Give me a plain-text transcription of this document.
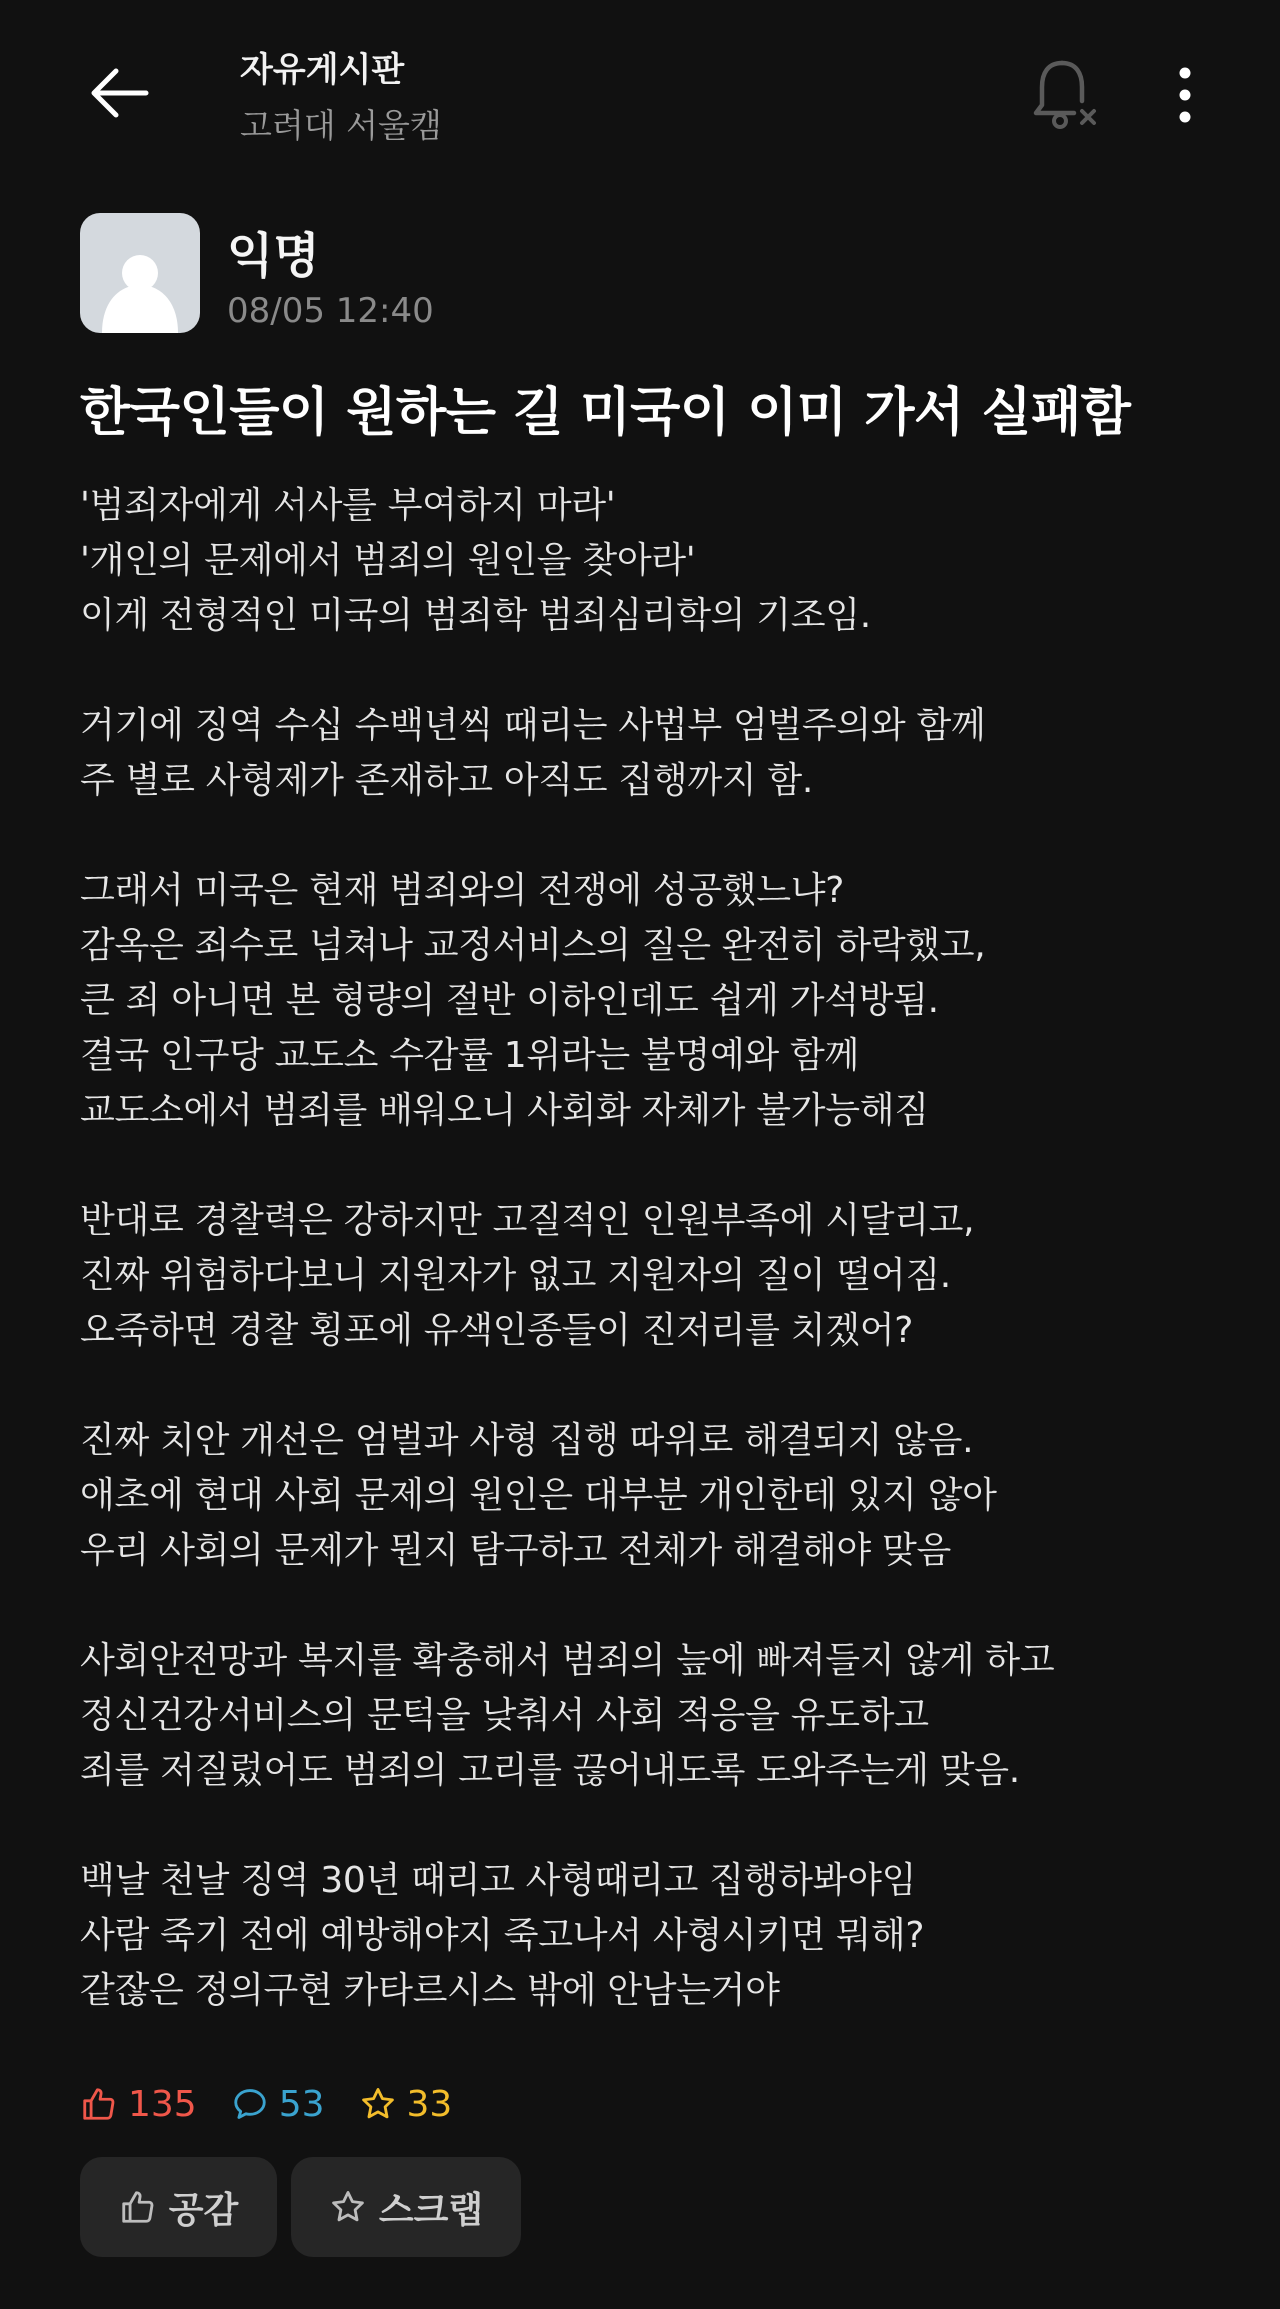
자유게시판
고려대 서울캠
익명
08/05 12:40
한국인들이 원하는 길 미국이 이미 가서 실패함
'범죄자에게 서사를 부여하지 마라'
'개인의 문제에서 범죄의 원인을 찾아라'
이게 전형적인 미국의 범죄학 범죄심리학의 기조임.
거기에 징역 수십 수백년씩 때리는 사법부 엄벌주의와 함께
주 별로 사형제가 존재하고 아직도 집행까지 함.
그래서 미국은 현재 범죄와의 전쟁에 성공했느냐?
감옥은 죄수로 넘쳐나 교정서비스의 질은 완전히 하락했고,
큰 죄 아니면 본 형량의 절반 이하인데도 쉽게 가석방됨.
결국 인구당 교도소 수감률 1위라는 불명예와 함께
교도소에서 범죄를 배워오니 사회화 자체가 불가능해짐
반대로 경찰력은 강하지만 고질적인 인원부족에 시달리고,
진짜 위험하다보니 지원자가 없고 지원자의 질이 떨어짐.
오죽하면 경찰 횡포에 유색인종들이 진저리를 치겠어?
진짜 치안 개선은 엄벌과 사형 집행 따위로 해결되지 않음.
애초에 현대 사회 문제의 원인은 대부분 개인한테 있지 않아
우리 사회의 문제가 뭔지 탐구하고 전체가 해결해야 맞음
사회안전망과 복지를 확충해서 범죄의 늪에 빠져들지 않게 하고
정신건강서비스의 문턱을 낮춰서 사회 적응을 유도하고
죄를 저질렀어도 범죄의 고리를 끊어내도록 도와주는게 맞음.
백날 천날 징역 30년 때리고 사형때리고 집행하봐야임
사람 죽기 전에 예방해야지 죽고나서 사형시키면 뭐해?
같잖은 정의구현 카타르시스 밖에 안남는거야
135 53 33
공감	스크랩
